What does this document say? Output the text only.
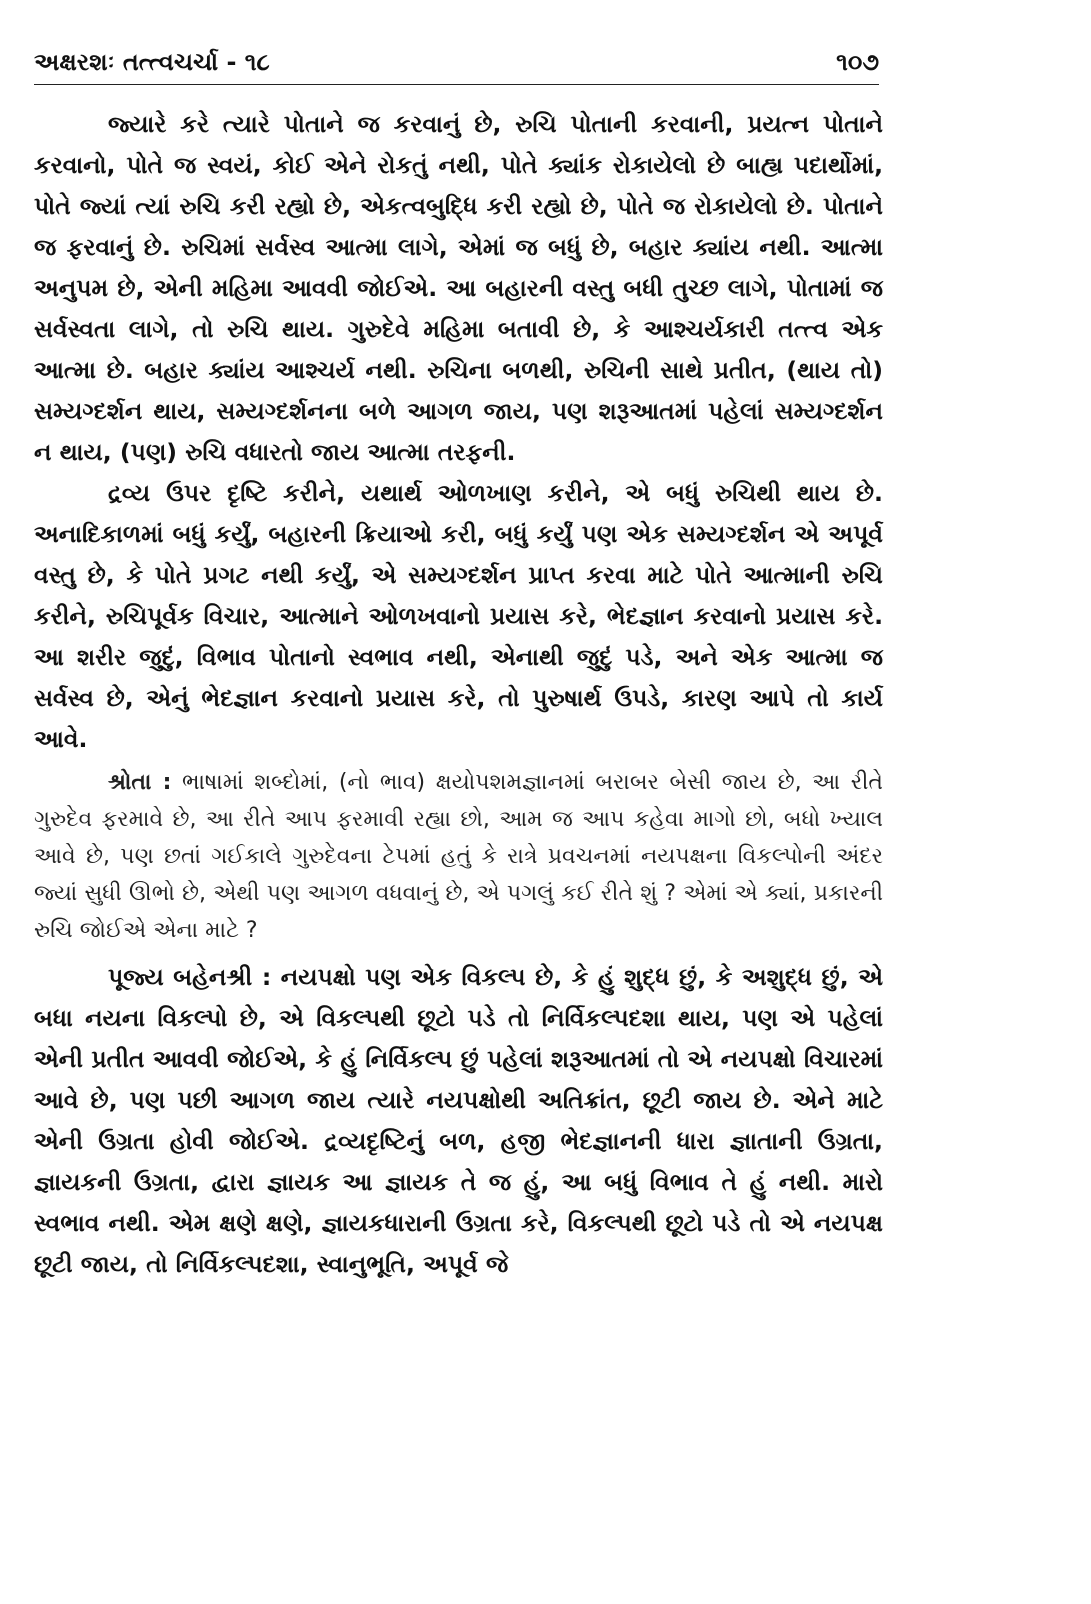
અક્ષરશઃ તત્ત્વચર્ચા - ૧૮	૧૦૭

જ્યારે કરે ત્યારે પોતાને જ કરવાનું છે, રુચિ પોતાની કરવાની, પ્રયત્ન પોતાને કરવાનો, પોતે જ સ્વયં, કોઈ એને રોકતું નથી, પોતે ક્યાંક રોકાયેલો છે બાહ્ય પદાર્થોમાં, પોતે જ્યાં ત્યાં રુચિ કરી રહ્યો છે, એકત્વબુદ્ધિ કરી રહ્યો છે, પોતે જ રોકાયેલો છે. પોતાને જ ફરવાનું છે. રુચિમાં સર્વસ્વ આત્મા લાગે, એમાં જ બધું છે, બહાર ક્યાંય નથી. આત્મા અનુપમ છે, એની મહિમા આવવી જોઈએ. આ બહારની વસ્તુ બધી તુચ્છ લાગે, પોતામાં જ સર્વસ્વતા લાગે, તો રુચિ થાય. ગુરુદેવે મહિમા બતાવી છે, કે આશ્ચર્યકારી તત્ત્વ એક આત્મા છે. બહાર ક્યાંય આશ્ચર્ય નથી. રુચિના બળથી, રુચિની સાથે પ્રતીત, (થાય તો) સમ્યગ્દર્શન થાય, સમ્યગ્દર્શનના બળે આગળ જાય, પણ શરૂઆતમાં પહેલાં સમ્યગ્દર્શન ન થાય, (પણ) રુચિ વધારતો જાય આત્મા તરફની.

દ્રવ્ય ઉપર દૃષ્ટિ કરીને, યથાર્થ ઓળખાણ કરીને, એ બધું રુચિથી થાય છે. અનાદિકાળમાં બધું કર્યું, બહારની ક્રિયાઓ કરી, બધું કર્યું પણ એક સમ્યગ્દર્શન એ અપૂર્વ વસ્તુ છે, કે પોતે પ્રગટ નથી કર્યું, એ સમ્યગ્દર્શન પ્રાપ્ત કરવા માટે પોતે આત્માની રુચિ કરીને, રુચિપૂર્વક વિચાર, આત્માને ઓળખવાનો પ્રયાસ કરે, ભેદજ્ઞાન કરવાનો પ્રયાસ કરે. આ શરીર જુદું, વિભાવ પોતાનો સ્વભાવ નથી, એનાથી જુદું પડે, અને એક આત્મા જ સર્વસ્વ છે, એનું ભેદજ્ઞાન કરવાનો પ્રયાસ કરે, તો પુરુષાર્થ ઉપડે, કારણ આપે તો કાર્ય આવે.

શ્રોતા : ભાષામાં શબ્દોમાં, (નો ભાવ) ક્ષયોપશમજ્ઞાનમાં બરાબર બેસી જાય છે, આ રીતે ગુરુદેવ ફરમાવે છે, આ રીતે આપ ફરમાવી રહ્યા છો, આમ જ આપ કહેવા માગો છો, બધો ખ્યાલ આવે છે, પણ છતાં ગઈકાલે ગુરુદેવના ટેપમાં હતું કે રાત્રે પ્રવચનમાં નયપક્ષના વિકલ્પોની અંદર જ્યાં સુધી ઊભો છે, એથી પણ આગળ વધવાનું છે, એ પગલું કઈ રીતે શું ? એમાં એ ક્યાં, પ્રકારની રુચિ જોઈએ એના માટે ?

પૂજ્ય બહેનશ્રી : નયપક્ષો પણ એક વિકલ્પ છે, કે હું શુદ્ધ છું, કે અશુદ્ધ છું, એ બધા નયના વિકલ્પો છે, એ વિકલ્પથી છૂટો પડે તો નિર્વિકલ્પદશા થાય, પણ એ પહેલાં એની પ્રતીત આવવી જોઈએ, કે હું નિર્વિકલ્પ છું પહેલાં શરૂઆતમાં તો એ નયપક્ષો વિચારમાં આવે છે, પણ પછી આગળ જાય ત્યારે નયપક્ષોથી અતિક્રાંત, છૂટી જાય છે. એને માટે એની ઉગ્રતા હોવી જોઈએ. દ્રવ્યદૃષ્ટિનું બળ, હજી ભેદજ્ઞાનની ધારા જ્ઞાતાની ઉગ્રતા, જ્ઞાયકની ઉગ્રતા, દ્વારા જ્ઞાયક આ જ્ઞાયક તે જ હું, આ બધું વિભાવ તે હું નથી. મારો સ્વભાવ નથી. એમ ક્ષણે ક્ષણે, જ્ઞાયકધારાની ઉગ્રતા કરે, વિકલ્પથી છૂટો પડે તો એ નયપક્ષ છૂટી જાય, તો નિર્વિકલ્પદશા, સ્વાનુભૂતિ, અપૂર્વ જે
